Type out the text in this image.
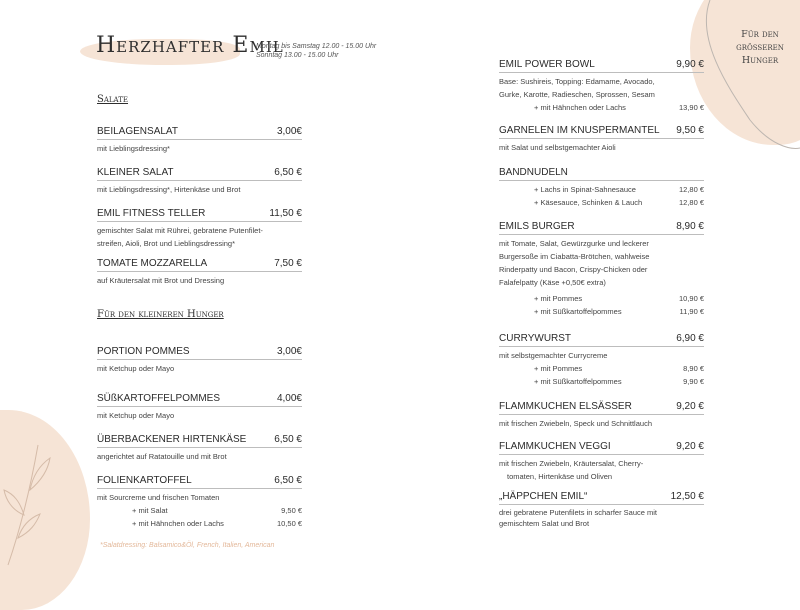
Herzhafter Emil
Montag bis Samstag 12.00 - 15.00 Uhr
Sonntag 13.00 - 15.00 Uhr
Für den
größeren Hunger
Salate
BEILAGENSALAT	3,00€
mit Lieblingsdressing*
KLEINER SALAT	6,50 €
mit Lieblingsdressing*, Hirtenkäse und Brot
EMIL FITNESS TELLER	11,50 €
gemischter Salat mit Rührei, gebratene Putenfilet-
streifen, Aioli, Brot und Lieblingsdressing*
TOMATE MOZZARELLA	7,50 €
auf Kräutersalat mit Brot und Dressing
Für den kleineren Hunger
PORTION POMMES	3,00€
mit Ketchup oder Mayo
SÜßKARTOFFELPOMMES	4,00€
mit Ketchup oder Mayo
ÜBERBACKENER HIRTENKÄSE	6,50 €
angerichtet auf Ratatouille und mit Brot
FOLIENKARTOFFEL	6,50 €
mit Sourcreme und frischen Tomaten
+ mit Salat	9,50 €
+ mit Hähnchen oder Lachs	10,50 €
*Salatdressing: Balsamico&Öl, French, Italien, American
EMIL POWER BOWL	9,90 €
Base: Sushireis, Topping: Edamame, Avocado,
Gurke, Karotte, Radieschen, Sprossen, Sesam
+ mit Hähnchen oder Lachs	13,90 €
GARNELEN IM KNUSPERMANTEL 9,50 €
mit Salat und selbstgemachter Aioli
BANDNUDELN
+ Lachs in Spinat-Sahnesauce	12,80 €
+ Käsesauce, Schinken & Lauch	12,80 €
EMILS BURGER	8,90 €
mit Tomate, Salat, Gewürzgurke und leckerer
Burgersoße im Ciabatta-Brötchen, wahlweise
Rinderpatty und Bacon, Crispy-Chicken oder
Falafelpatty (Käse +0,50€ extra)
+ mit Pommes	10,90 €
+ mit Süßkartoffelpommes	11,90 €
CURRYWURST	6,90 €
mit selbstgemachter Currycreme
+ mit Pommes	8,90 €
+ mit Süßkartoffelpommes	9,90 €
FLAMMKUCHEN ELSÄSSER	9,20 €
mit frischen Zwiebeln, Speck und Schnittlauch
FLAMMKUCHEN VEGGI	9,20 €
mit frischen Zwiebeln, Kräutersalat, Cherry-
tomaten, Hirtenkäse und Oliven
„HÄPPCHEN EMIL“	12,50 €
drei gebratene Putenfilets in scharfer Sauce mit
gemischtem Salat und Brot
